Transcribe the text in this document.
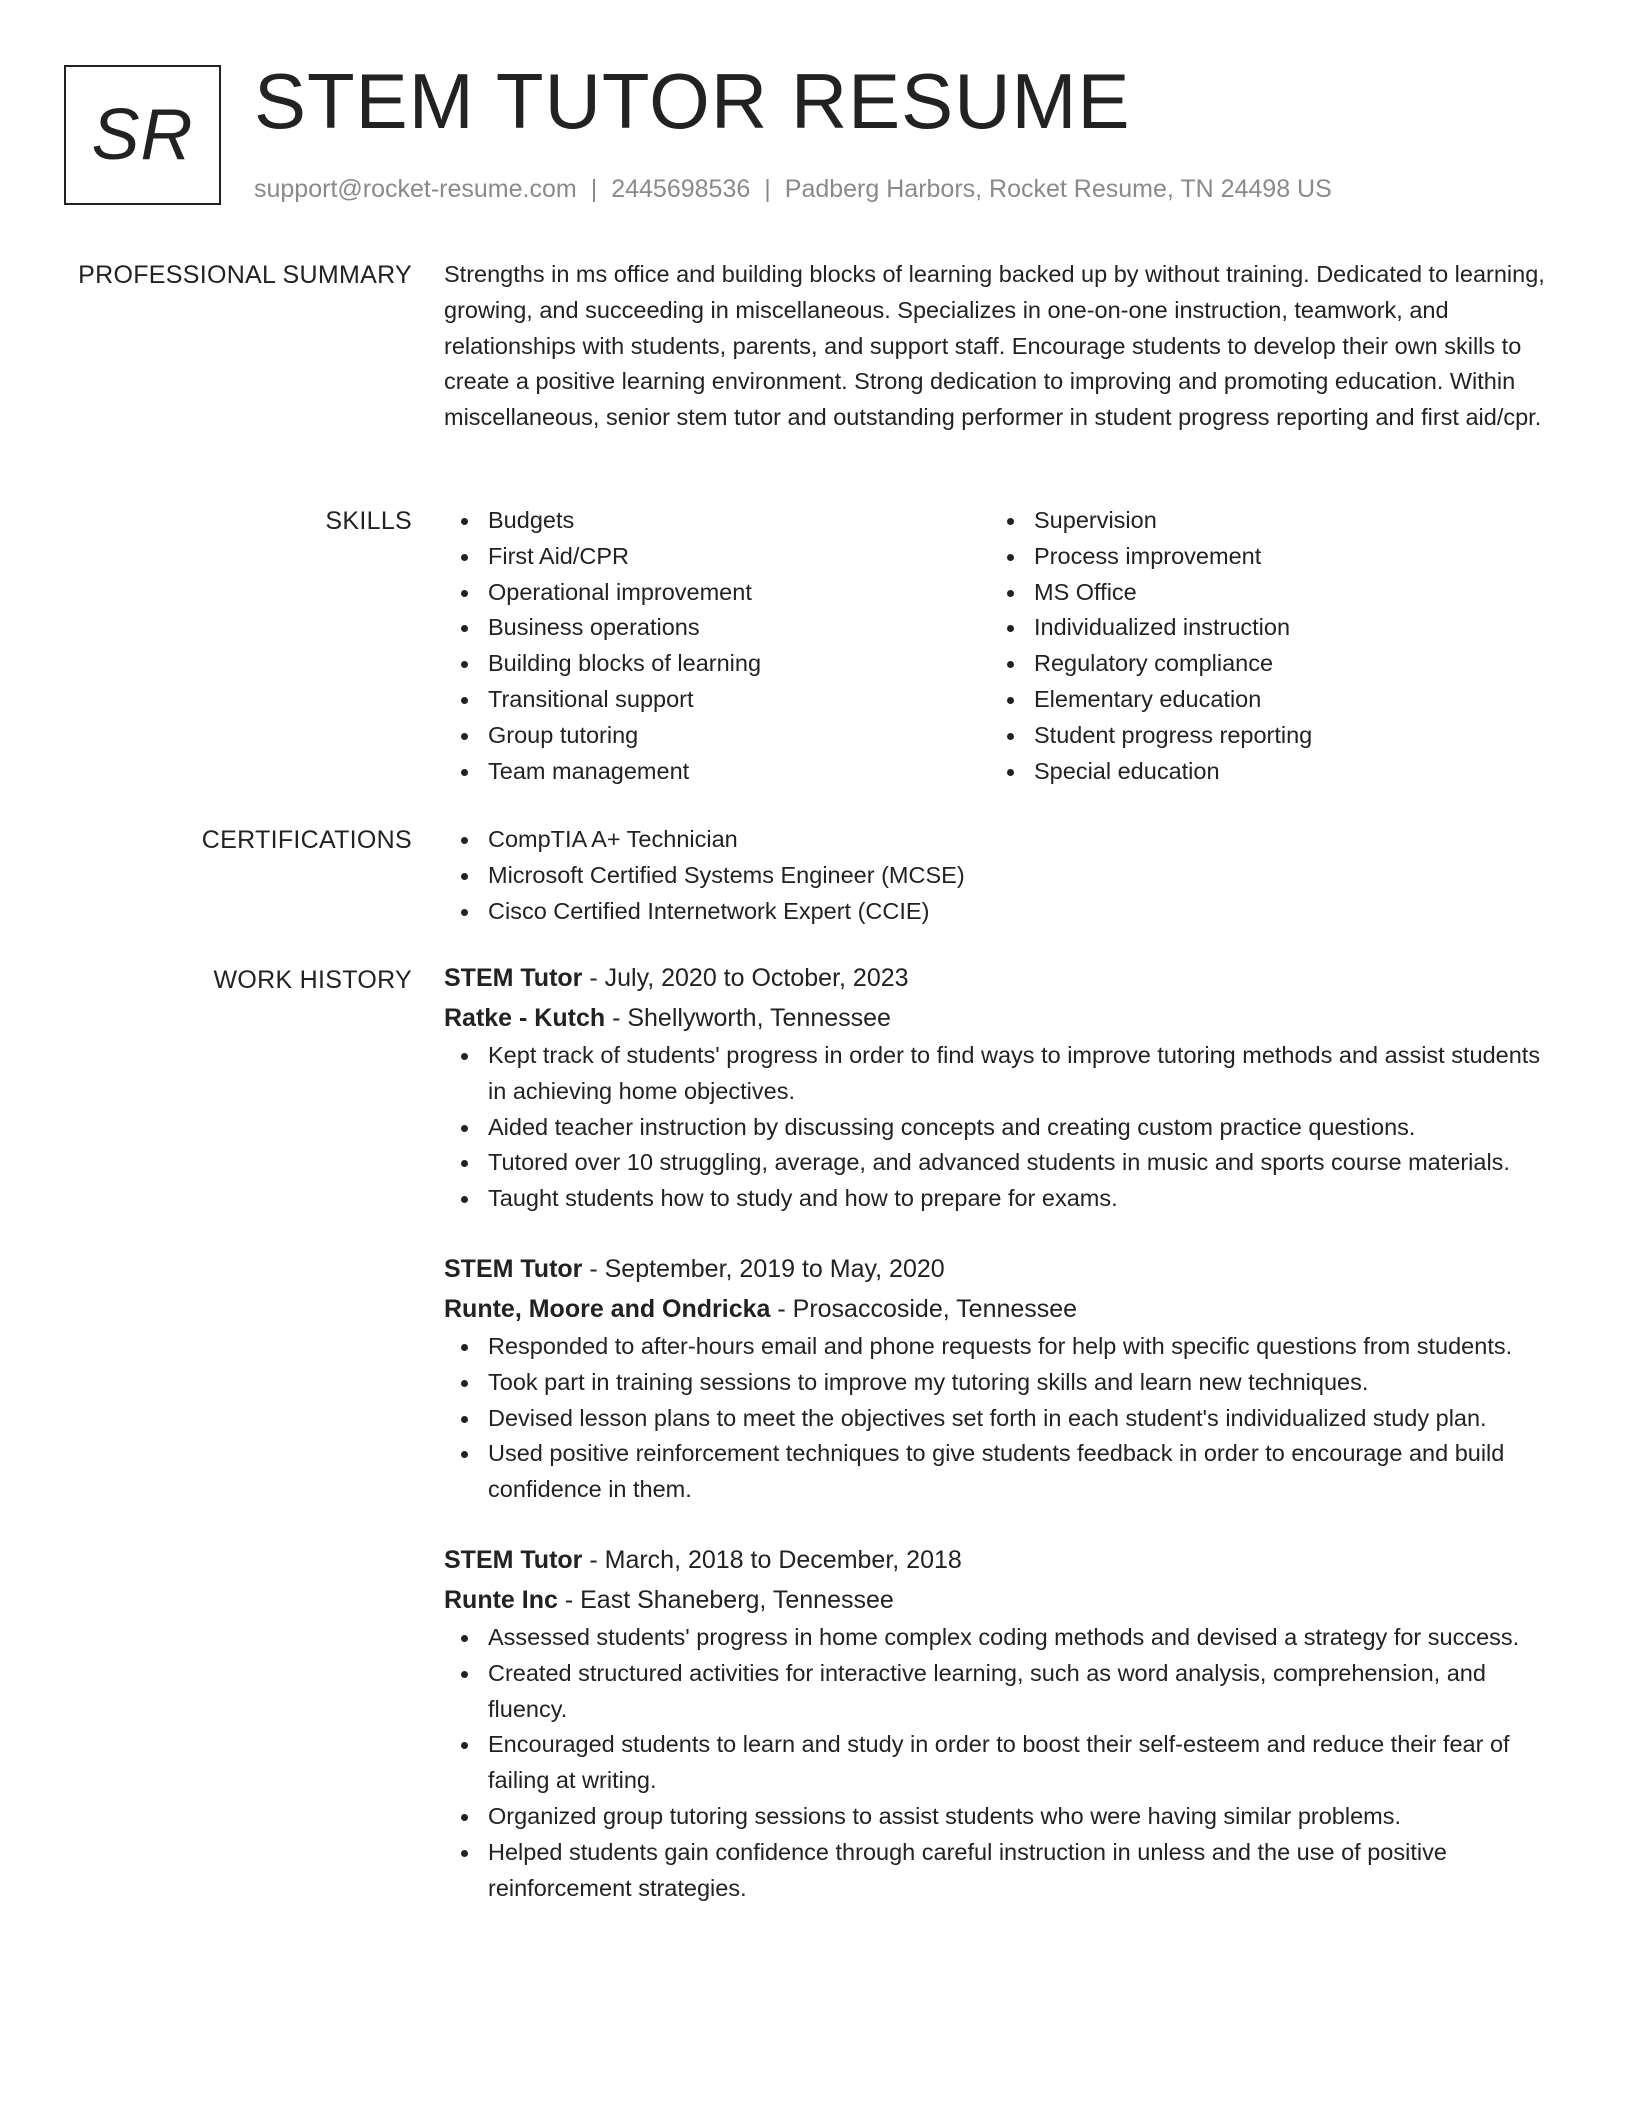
SR STEM TUTOR RESUME
support@rocket-resume.com | 2445698536 | Padberg Harbors, Rocket Resume, TN 24498 US
PROFESSIONAL SUMMARY Strengths in ms office and building blocks of learning backed up by without training. Dedicated to learning, growing, and succeeding in miscellaneous. Specializes in one-on-one instruction, teamwork, and relationships with students, parents, and support staff. Encourage students to develop their own skills to create a positive learning environment. Strong dedication to improving and promoting education. Within miscellaneous, senior stem tutor and outstanding performer in student progress reporting and first aid/cpr.

SKILLS	Budgets
First Aid/CPR
Operational improvement
Business operations
Building blocks of learning
Transitional support
Group tutoring
Team management
Supervision
Process improvement
MS Office
Individualized instruction
Regulatory compliance
Elementary education
Student progress reporting
Special education
CERTIFICATIONS	CompTIA A+ Technician
Microsoft Certified Systems Engineer (MCSE)
Cisco Certified Internetwork Expert (CCIE)
WORK HISTORY STEM Tutor - July, 2020 to October, 2023
Ratke - Kutch - Shellyworth, Tennessee
Kept track of students' progress in order to find ways to improve tutoring methods and assist students in achieving home objectives.
Aided teacher instruction by discussing concepts and creating custom practice questions.
Tutored over 10 struggling, average, and advanced students in music and sports course materials.
Taught students how to study and how to prepare for exams.
STEM Tutor - September, 2019 to May, 2020
Runte, Moore and Ondricka - Prosaccoside, Tennessee
Responded to after-hours email and phone requests for help with specific questions from students.
Took part in training sessions to improve my tutoring skills and learn new techniques.
Devised lesson plans to meet the objectives set forth in each student's individualized study plan.
Used positive reinforcement techniques to give students feedback in order to encourage and build confidence in them.
STEM Tutor - March, 2018 to December, 2018
Runte Inc - East Shaneberg, Tennessee
Assessed students' progress in home complex coding methods and devised a strategy for success.
Created structured activities for interactive learning, such as word analysis, comprehension, and fluency.
Encouraged students to learn and study in order to boost their self-esteem and reduce their fear of failing at writing.
Organized group tutoring sessions to assist students who were having similar problems.
Helped students gain confidence through careful instruction in unless and the use of positive reinforcement strategies.
